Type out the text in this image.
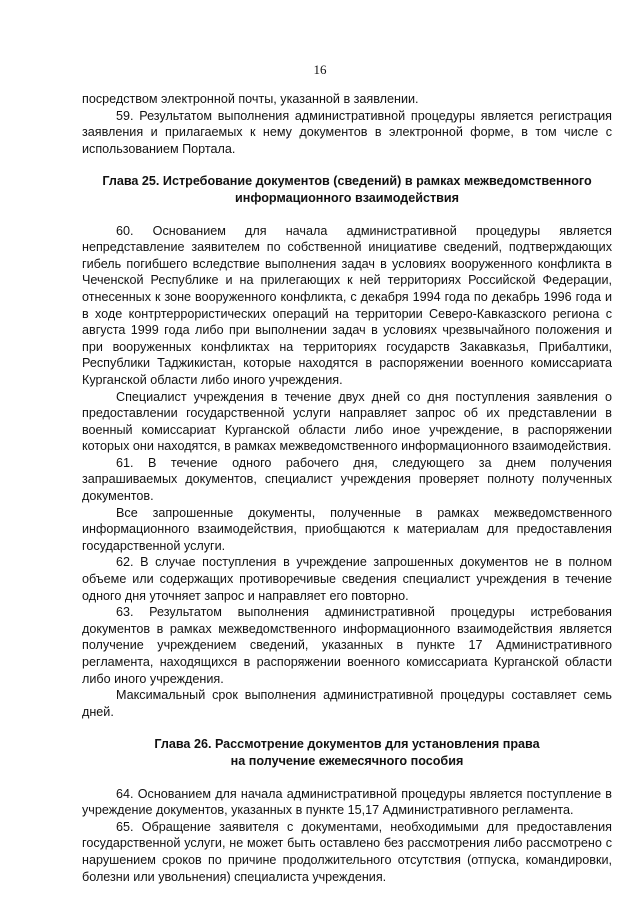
16

посредством электронной почты, указанной в заявлении.

59. Результатом выполнения административной процедуры является регистрация заявления и прилагаемых к нему документов в электронной форме, в том числе с использованием Портала.

Глава 25. Истребование документов (сведений) в рамках межведомственного
информационного взаимодействия

60. Основанием для начала административной процедуры является непредставление заявителем по собственной инициативе сведений, подтверждающих гибель погибшего вследствие выполнения задач в условиях вооруженного конфликта в Чеченской Республике и на прилегающих к ней территориях Российской Федерации, отнесенных к зоне вооруженного конфликта, с декабря 1994 года по декабрь 1996 года и в ходе контртеррористических операций на территории Северо-Кавказского региона с августа 1999 года либо при выполнении задач в условиях чрезвычайного положения и при вооруженных конфликтах на территориях государств Закавказья, Прибалтики, Республики Таджикистан, которые находятся в распоряжении военного комиссариата Курганской области либо иного учреждения.

Специалист учреждения в течение двух дней со дня поступления заявления о предоставлении государственной услуги направляет запрос об их представлении в военный комиссариат Курганской области либо иное учреждение, в распоряжении которых они находятся, в рамках межведомственного информационного взаимодействия.

61. В течение одного рабочего дня, следующего за днем получения запрашиваемых документов, специалист учреждения проверяет полноту полученных документов.

Все запрошенные документы, полученные в рамках межведомственного информационного взаимодействия, приобщаются к материалам для предоставления государственной услуги.

62. В случае поступления в учреждение запрошенных документов не в полном объеме или содержащих противоречивые сведения специалист учреждения в течение одного дня уточняет запрос и направляет его повторно.

63. Результатом выполнения административной процедуры истребования документов в рамках межведомственного информационного взаимодействия является получение учреждением сведений, указанных в пункте 17 Административного регламента, находящихся в распоряжении военного комиссариата Курганской области либо иного учреждения.

Максимальный срок выполнения административной процедуры составляет семь дней.

Глава 26. Рассмотрение документов для установления права
на получение ежемесячного пособия

64. Основанием для начала административной процедуры является поступление в учреждение документов, указанных в пункте 15,17 Административного регламента.

65. Обращение заявителя с документами, необходимыми для предоставления государственной услуги, не может быть оставлено без рассмотрения либо рассмотрено с нарушением сроков по причине продолжительного отсутствия (отпуска, командировки, болезни или увольнения) специалиста учреждения.
